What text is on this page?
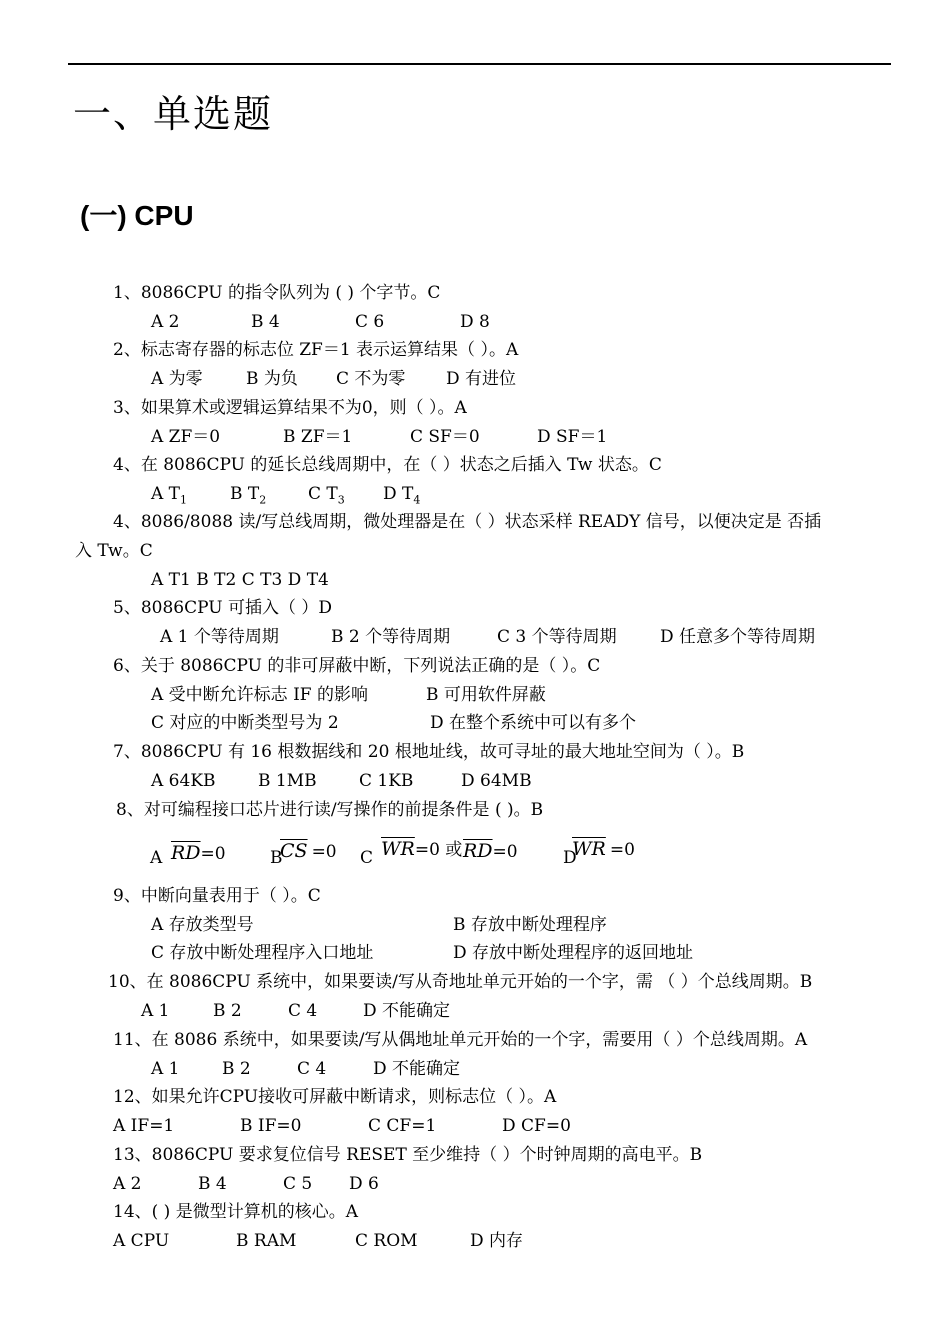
一、单选题
(一) CPU
1、8086CPU 的指令队列为 ( ) 个字节。C
A 2	B 4	C 6	D 8
2、标志寄存器的标志位 ZF＝1 表示运算结果（ ）。A
A 为零	B 为负 C 不为零 D 有进位
3、如果算术或逻辑运算结果不为0，则（ ）。A
A ZF＝0	B ZF＝1	C SF＝0	D SF＝1
4、在 8086CPU 的延长总线周期中，在（ ）状态之后插入 Tw 状态。C
A $T_1$	B $T_2$ C $T_3$ D $T_4$
4、8086/8088 读/写总线周期，微处理器是在（ ）状态采样 READY 信号，以便决定是 否插
入 Tw。C
A T1 B T2 C T3 D T4
5、8086CPU 可插入（ ）D
A 1 个等待周期	B 2 个等待周期	C 3 个等待周期	D 任意多个等待周期
6、关于 8086CPU 的非可屏蔽中断，下列说法正确的是（ ）。C
A 受中断允许标志 IF 的影响	B 可用软件屏蔽
C 对应的中断类型号为 2	D 在整个系统中可以有多个
7、8086CPU 有 16 根数据线和 20 根地址线，故可寻址的最大地址空间为（ ）。B
A 64KB B 1MB C 1KB	D 64MB
8、对可编程接口芯片进行读/写操作的前提条件是 ( )。B
A $\overline{RD}=0$	B
$\overline{CS} =0$ C $\overline{WR}=0$ 或 $\overline{RD}=0$	D
$\overline{WR} =0$
9、中断向量表用于（ ）。C
A 存放类型号	B 存放中断处理程序
C 存放中断处理程序入口地址	D 存放中断处理程序的返回地址
10、在 8086CPU 系统中，如果要读/写从奇地址单元开始的一个字，需 （ ）个总线周期。B
A 1	B 2	C 4	D 不能确定
11、在 8086 系统中，如果要读/写从偶地址单元开始的一个字，需要用（ ）个总线周期。A
A 1	B 2	C 4	D 不能确定
12、如果允许CPU接收可屏蔽中断请求，则标志位（ ）。A
A IF=1	B IF=0	C CF=1	D CF=0
13、8086CPU 要求复位信号 RESET 至少维持（ ）个时钟周期的高电平。B
A 2	B 4	C 5 D 6
14、( ) 是微型计算机的核心。A
A CPU	B RAM	C ROM	D 内存
